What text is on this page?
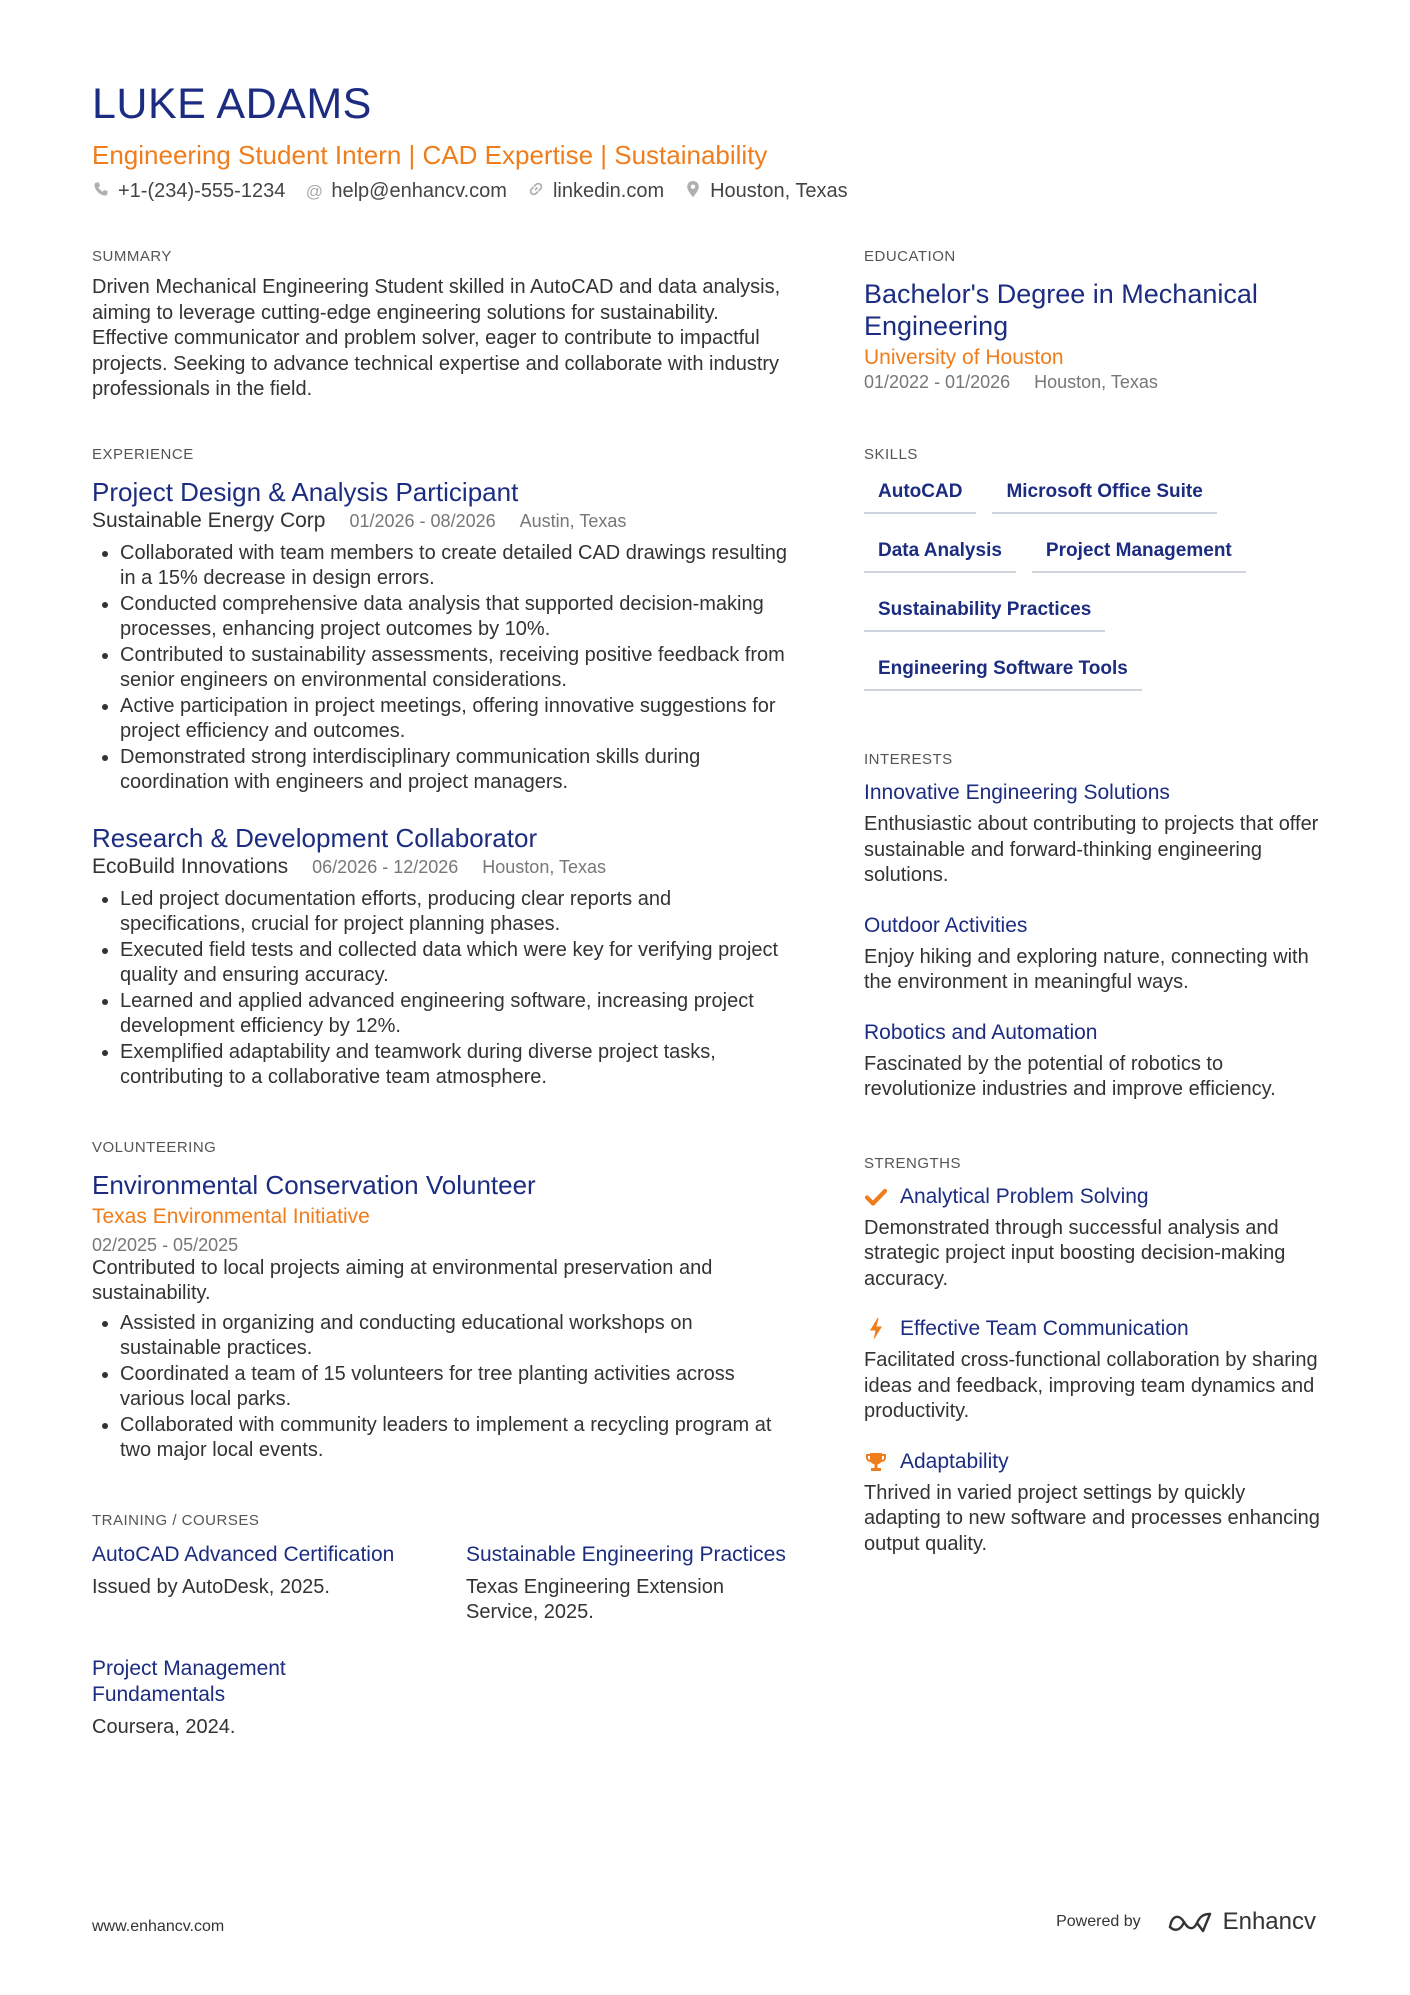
LUKE ADAMS
Engineering Student Intern | CAD Expertise | Sustainability
+1-(234)-555-1234 @ help@enhancv.com linkedin.com Houston, Texas
SUMMARY

Driven Mechanical Engineering Student skilled in AutoCAD and data analysis, aiming to leverage cutting-edge engineering solutions for sustainability. Effective communicator and problem solver, eager to contribute to impactful projects. Seeking to advance technical expertise and collaborate with industry professionals in the field.

EXPERIENCE
Project Design & Analysis Participant
Sustainable Energy Corp 01/2026 - 08/2026 Austin, Texas
• Collaborated with team members to create detailed CAD drawings resulting in a 15% decrease in design errors.
• Conducted comprehensive data analysis that supported decision-making processes, enhancing project outcomes by 10%.
• Contributed to sustainability assessments, receiving positive feedback from senior engineers on environmental considerations.
• Active participation in project meetings, offering innovative suggestions for project efficiency and outcomes.
• Demonstrated strong interdisciplinary communication skills during coordination with engineers and project managers.
Research & Development Collaborator
EcoBuild Innovations 06/2026 - 12/2026 Houston, Texas
• Led project documentation efforts, producing clear reports and specifications, crucial for project planning phases.
• Executed field tests and collected data which were key for verifying project quality and ensuring accuracy.
• Learned and applied advanced engineering software, increasing project development efficiency by 12%.
• Exemplified adaptability and teamwork during diverse project tasks, contributing to a collaborative team atmosphere.
VOLUNTEERING
Environmental Conservation Volunteer
Texas Environmental Initiative
02/2025 - 05/2025

Contributed to local projects aiming at environmental preservation and sustainability.

• Assisted in organizing and conducting educational workshops on sustainable practices.
• Coordinated a team of 15 volunteers for tree planting activities across various local parks.
• Collaborated with community leaders to implement a recycling program at two major local events.
TRAINING / COURSES
AutoCAD Advanced Certification
Issued by AutoDesk, 2025.
Sustainable Engineering Practices
Texas Engineering Extension Service, 2025.
Project Management Fundamentals
Coursera, 2024.
EDUCATION
Bachelor's Degree in Mechanical Engineering
University of Houston
01/2022 - 01/2026 Houston, Texas
SKILLS
AutoCAD	Microsoft Office Suite
Data Analysis	Project Management
Sustainability Practices
Engineering Software Tools
INTERESTS
Innovative Engineering Solutions
Enthusiastic about contributing to projects that offer sustainable and forward-thinking engineering solutions.
Outdoor Activities
Enjoy hiking and exploring nature, connecting with the environment in meaningful ways.
Robotics and Automation
Fascinated by the potential of robotics to revolutionize industries and improve efficiency.
STRENGTHS
Analytical Problem Solving
Demonstrated through successful analysis and strategic project input boosting decision-making accuracy.
Effective Team Communication
Facilitated cross-functional collaboration by sharing ideas and feedback, improving team dynamics and productivity.
Adaptability
Thrived in varied project settings by quickly adapting to new software and processes enhancing output quality.
www.enhancv.com	Powered by	Enhancv
